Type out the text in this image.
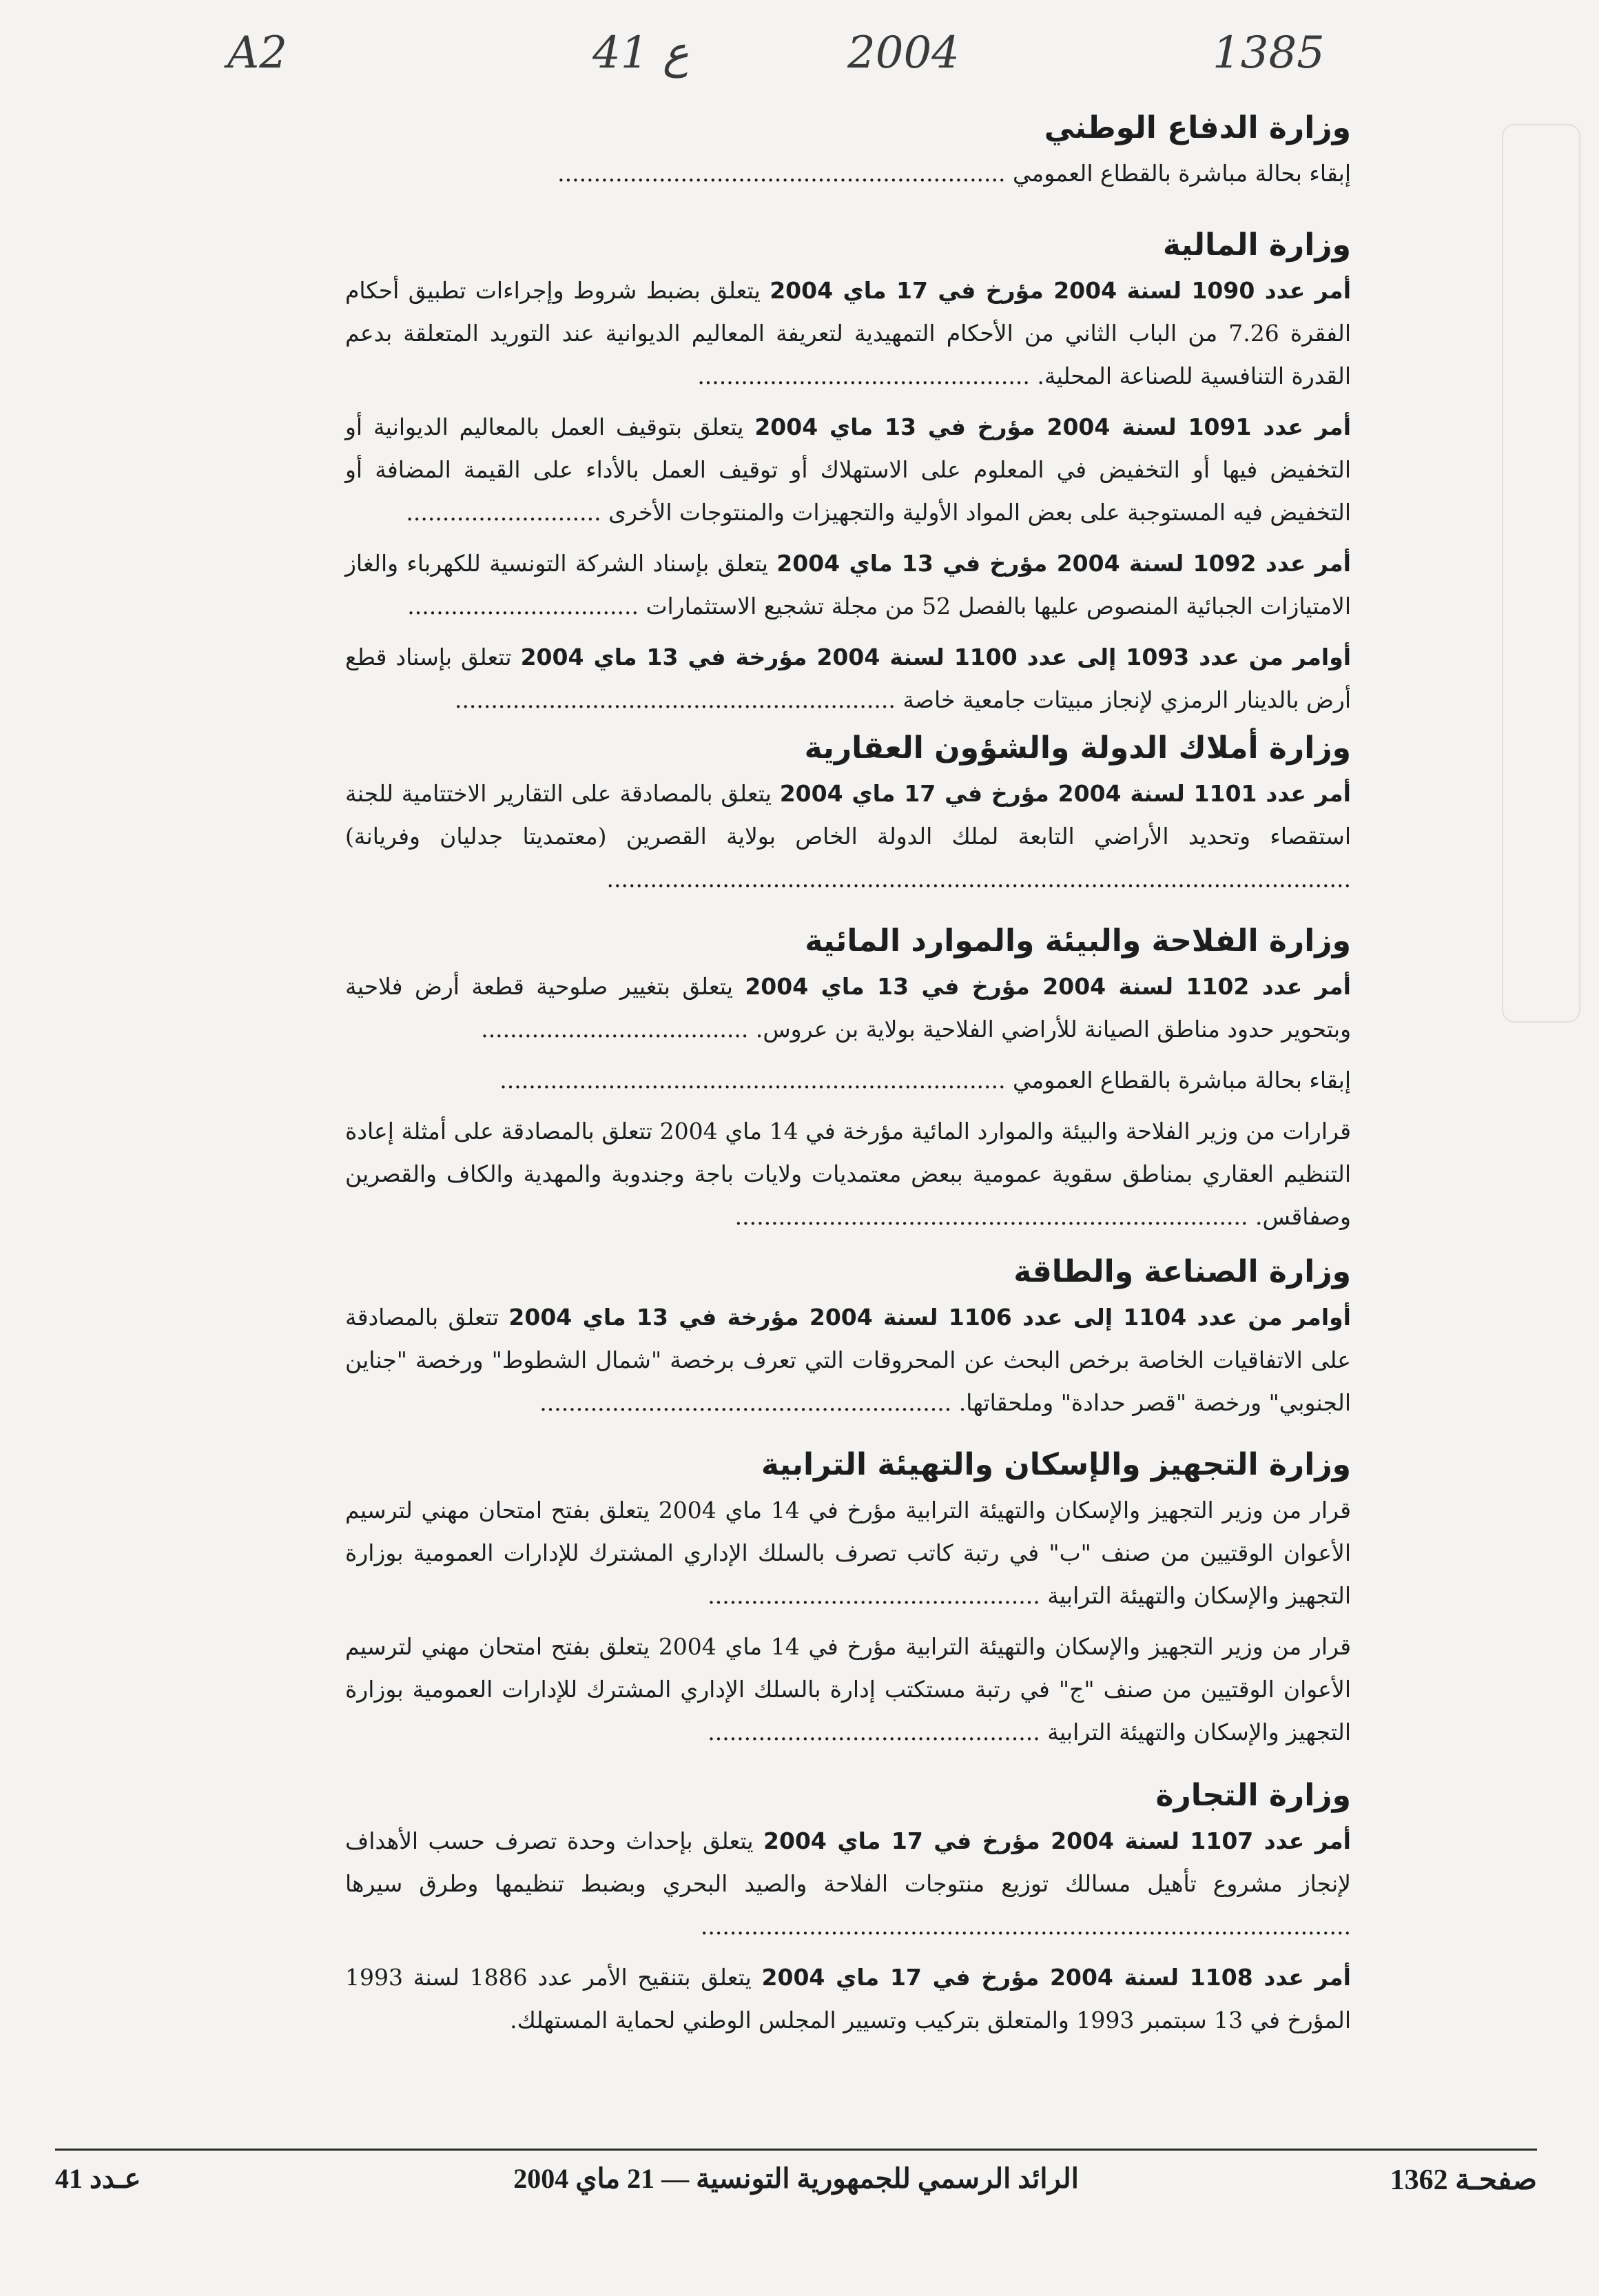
A2	41 ع	2004	1385
وزارة الدفاع الوطني
إبقاء بحالة مباشرة بالقطاع العمومي ..............................................................
وزارة المالية
أمر عدد 1090 لسنة 2004 مؤرخ في 17 ماي 2004 يتعلق بضبط شروط وإجراءات تطبيق أحكام الفقرة 7.26 من الباب الثاني من الأحكام التمهيدية لتعريفة المعاليم الديوانية عند التوريد المتعلقة بدعم القدرة التنافسية للصناعة المحلية. ..............................................
أمر عدد 1091 لسنة 2004 مؤرخ في 13 ماي 2004 يتعلق بتوقيف العمل بالمعاليم الديوانية أو التخفيض فيها أو التخفيض في المعلوم على الاستهلاك أو توقيف العمل بالأداء على القيمة المضافة أو التخفيض فيه المستوجبة على بعض المواد الأولية والتجهيزات والمنتوجات الأخرى ...........................
أمر عدد 1092 لسنة 2004 مؤرخ في 13 ماي 2004 يتعلق بإسناد الشركة التونسية للكهرباء والغاز الامتيازات الجبائية المنصوص عليها بالفصل 52 من مجلة تشجيع الاستثمارات ................................
أوامر من عدد 1093 إلى عدد 1100 لسنة 2004 مؤرخة في 13 ماي 2004 تتعلق بإسناد قطع أرض بالدينار الرمزي لإنجاز مبيتات جامعية خاصة .............................................................
وزارة أملاك الدولة والشؤون العقارية
أمر عدد 1101 لسنة 2004 مؤرخ في 17 ماي 2004 يتعلق بالمصادقة على التقارير الاختتامية للجنة استقصاء وتحديد الأراضي التابعة لملك الدولة الخاص بولاية القصرين (معتمديتا جدليان وفريانة) .......................................................................................................
وزارة الفلاحة والبيئة والموارد المائية
أمر عدد 1102 لسنة 2004 مؤرخ في 13 ماي 2004 يتعلق بتغيير صلوحية قطعة أرض فلاحية وبتحوير حدود مناطق الصيانة للأراضي الفلاحية بولاية بن عروس. .....................................
إبقاء بحالة مباشرة بالقطاع العمومي ......................................................................
قرارات من وزير الفلاحة والبيئة والموارد المائية مؤرخة في 14 ماي 2004 تتعلق بالمصادقة على أمثلة إعادة التنظيم العقاري بمناطق سقوية عمومية ببعض معتمديات ولايات باجة وجندوبة والمهدية والكاف والقصرين وصفاقس. .......................................................................
وزارة الصناعة والطاقة
أوامر من عدد 1104 إلى عدد 1106 لسنة 2004 مؤرخة في 13 ماي 2004 تتعلق بالمصادقة على الاتفاقيات الخاصة برخص البحث عن المحروقات التي تعرف برخصة "شمال الشطوط" ورخصة "جناين الجنوبي" ورخصة "قصر حدادة" وملحقاتها. .........................................................
وزارة التجهيز والإسكان والتهيئة الترابية
قرار من وزير التجهيز والإسكان والتهيئة الترابية مؤرخ في 14 ماي 2004 يتعلق بفتح امتحان مهني لترسيم الأعوان الوقتيين من صنف "ب" في رتبة كاتب تصرف بالسلك الإداري المشترك للإدارات العمومية بوزارة التجهيز والإسكان والتهيئة الترابية ..............................................
قرار من وزير التجهيز والإسكان والتهيئة الترابية مؤرخ في 14 ماي 2004 يتعلق بفتح امتحان مهني لترسيم الأعوان الوقتيين من صنف "ج" في رتبة مستكتب إدارة بالسلك الإداري المشترك للإدارات العمومية بوزارة التجهيز والإسكان والتهيئة الترابية ..............................................
وزارة التجارة
أمر عدد 1107 لسنة 2004 مؤرخ في 17 ماي 2004 يتعلق بإحداث وحدة تصرف حسب الأهداف لإنجاز مشروع تأهيل مسالك توزيع منتوجات الفلاحة والصيد البحري وبضبط تنظيمها وطرق سيرها ..........................................................................................
أمر عدد 1108 لسنة 2004 مؤرخ في 17 ماي 2004 يتعلق بتنقيح الأمر عدد 1886 لسنة 1993 المؤرخ في 13 سبتمبر 1993 والمتعلق بتركيب وتسيير المجلس الوطني لحماية المستهلك.
عـدد 41	الرائد الرسمي للجمهورية التونسية — 21 ماي 2004	صفحـة 1362
